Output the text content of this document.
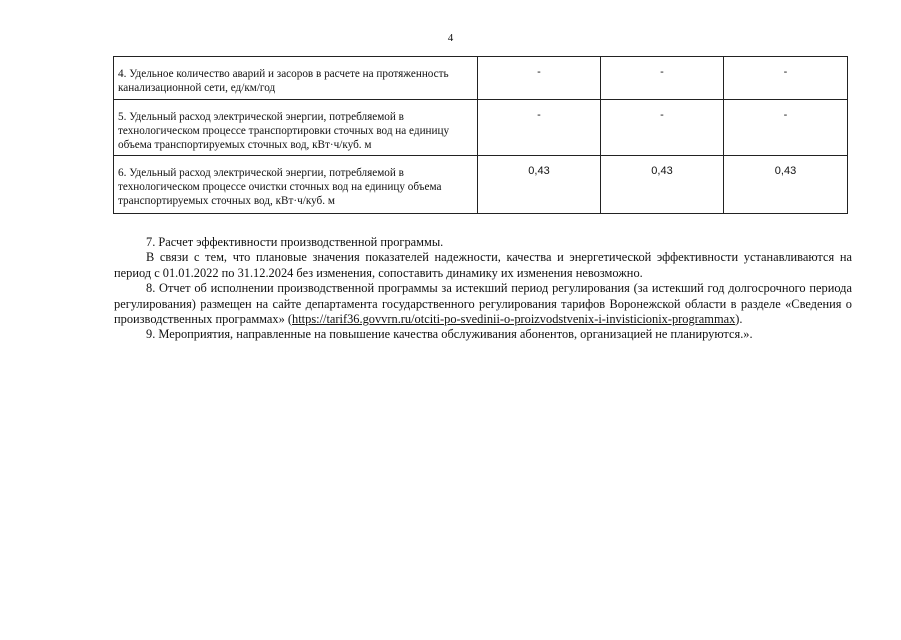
4
4. Удельное количество аварий и засоров в расчете на протяженность канализационной сети, ед/км/год	-	-	-
5. Удельный расход электрической энергии, потребляемой в технологическом процессе транспортировки сточных вод на единицу объема транспортируемых сточных вод, кВт·ч/куб. м	-	-	-
6. Удельный расход электрической энергии, потребляемой в технологическом процессе очистки сточных вод на единицу объема транспортируемых сточных вод, кВт·ч/куб. м	0,43	0,43	0,43

7. Расчет эффективности производственной программы.

В связи с тем, что плановые значения показателей надежности, качества и энергетической эффективности устанавливаются на период с 01.01.2022 по 31.12.2024 без изменения, сопоставить динамику их изменения невозможно.

8. Отчет об исполнении производственной программы за истекший период регулирования (за истекший год долгосрочного периода регулирования) размещен на сайте департамента государственного регулирования тарифов Воронежской области в разделе «Сведения о производственных программах» (https://tarif36.govvrn.ru/otciti-po-svedinii-o-proizvodstvenix-i-invisticionix-programmax).

9. Мероприятия, направленные на повышение качества обслуживания абонентов, организацией не планируются.».
